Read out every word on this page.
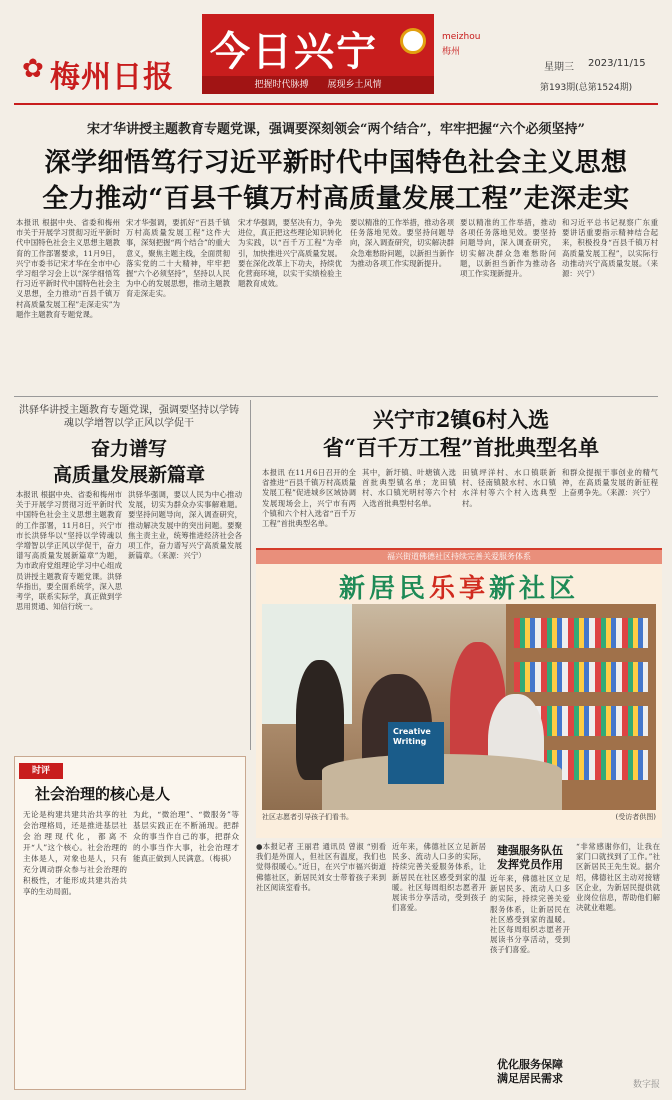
✿ 梅州日报
今日兴宁
把握时代脉搏 展现乡土风情
meizhou
梅州
星期三 2023/11/15
第193期(总第1524期)
宋才华讲授主题教育专题党课，强调要深刻领会“两个结合”，牢牢把握“六个必须坚持”
深学细悟笃行习近平新时代中国特色社会主义思想
全力推动“百县千镇万村高质量发展工程”走深走实
本报讯 根据中央、省委和梅州市关于开展学习贯彻习近平新时代中国特色社会主义思想主题教育的工作部署要求，11月9日，兴宁市委书记宋才华在全市中心学习组学习会上以“深学细悟笃行习近平新时代中国特色社会主义思想，全力推动“百县千镇万村高质量发展工程”走深走实”为题作主题教育专题党课。
宋才华强调，要抓好“百县千镇万村高质量发展工程”这件大事，深刻把握“两个结合”的重大意义，聚焦主题主线，全面贯彻落实党的二十大精神，牢牢把握“六个必须坚持”，坚持以人民为中心的发展思想，推动主题教育走深走实。
宋才华强调，要坚决有力，争先进位，真正把这些理论知识转化为实践，以“百千万工程”为牵引，加快推进兴宁高质量发展。要在深化改革上下功夫，持续优化营商环境，以实干实绩检验主题教育成效。
要以精准的工作举措，推动各项任务落地见效。要坚持问题导向，深入调查研究，切实解决群众急难愁盼问题，以新担当新作为推动各项工作实现新提升。
和习近平总书记视察广东重要讲话重要指示精神结合起来，积极投身“百县千镇万村高质量发展工程”，以实际行动推动兴宁高质量发展。（来源：兴宁）
要以精准的工作举措，推动各项任务落地见效。要坚持问题导向，深入调查研究，切实解决群众急难愁盼问题，以新担当新作为推动各项工作实现新提升。
洪驿华讲授主题教育专题党课，强调要坚持以学铸魂以学增智以学正风以学促干
奋力谱写
高质量发展新篇章
本报讯 根据中央、省委和梅州市关于开展学习贯彻习近平新时代中国特色社会主义思想主题教育的工作部署，11月8日，兴宁市市长洪驿华以“坚持以学铸魂以学增智以学正风以学促干，奋力谱写高质量发展新篇章”为题，为市政府党组理论学习中心组成员讲授主题教育专题党课。洪驿华指出，要全面系统学，深入思考学，联系实际学，真正做到学思用贯通、知信行统一。
洪驿华强调，要以人民为中心推动发展，切实为群众办实事解难题。要坚持问题导向，深入调查研究，推动解决发展中的突出问题。要聚焦主责主业，统筹推进经济社会各项工作，奋力谱写兴宁高质量发展新篇章。（来源：兴宁）
兴宁市2镇6村入选
省“百千万工程”首批典型名单
本报讯 在11月6日召开的全省推进“百县千镇万村高质量发展工程”促进城乡区域协调发展现场会上，兴宁市有两个镇和六个村入选省“百千万工程”首批典型名单。
其中，新圩镇、叶塘镇入选首批典型镇名单；龙田镇村、水口镇光明村等六个村入选首批典型村名单。
田镇坪洋村、水口镇联新村、径南镇陂水村、水口镇水洋村等六个村入选典型村。
和群众提振干事创业的精气神，在高质量发展的新征程上奋勇争先。（来源：兴宁）
福兴街道佛德社区持续完善关爱服务体系
新居民乐享新社区
Creative Writing
社区志愿者引导孩子们看书。	(受访者供图)
●本报记者 王丽君 通讯员 曾淑 “别看我们是外面人，但社区有温度，我们也觉得很暖心。”近日，在兴宁市福兴街道佛德社区，新居民刘女士带着孩子来到社区阅读室看书。
近年来，佛德社区立足新居民多、流动人口多的实际，持续完善关爱服务体系，让新居民在社区感受到家的温暖。社区每周组织志愿者开展读书分享活动，受到孩子们喜爱。
建强服务队伍
发挥党员作用
近年来，佛德社区立足新居民多、流动人口多的实际，持续完善关爱服务体系，让新居民在社区感受到家的温暖。社区每周组织志愿者开展读书分享活动，受到孩子们喜爱。
优化服务保障
满足居民需求
“非常感谢你们，让我在家门口就找到了工作。”社区新居民王先生说。据介绍，佛德社区主动对接辖区企业，为新居民提供就业岗位信息，帮助他们解决就业难题。
时评
社会治理的核心是人
无论是构建共建共治共享的社会治理格局，还是推进基层社会治理现代化，都离不开“人”这个核心。社会治理的主体是人，对象也是人，只有充分调动群众参与社会治理的积极性，才能形成共建共治共享的生动局面。
为此，“微治理”、“微服务”等基层实践正在不断涌现。把群众的事当作自己的事，把群众的小事当作大事，社会治理才能真正做到人民满意。（梅祺）
数字报
